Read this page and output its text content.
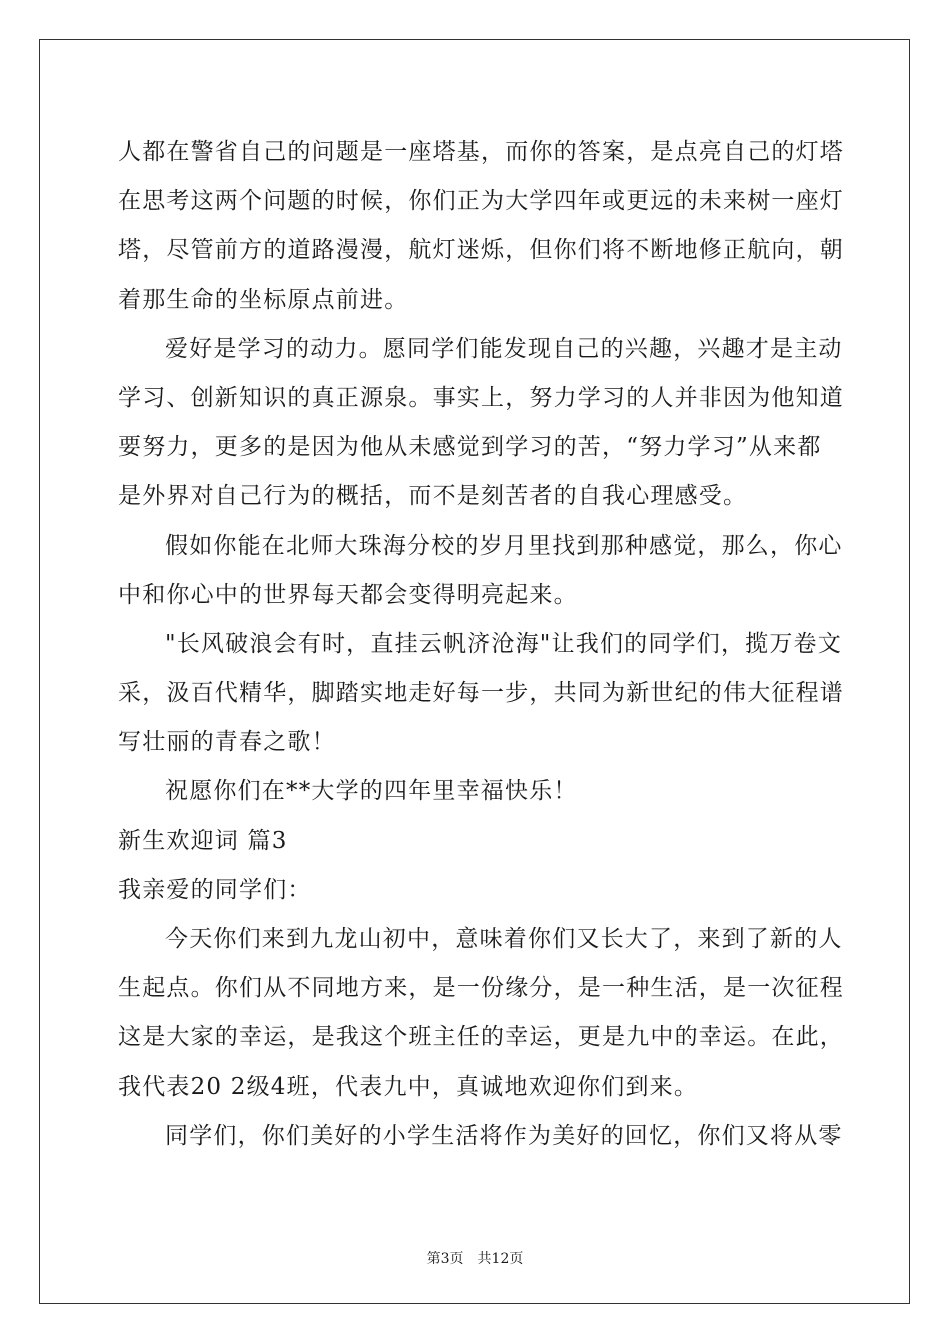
人都在警省自己的问题是一座塔基，而你的答案，是点亮自己的灯塔
在思考这两个问题的时候，你们正为大学四年或更远的未来树一座灯
塔，尽管前方的道路漫漫，航灯迷烁，但你们将不断地修正航向，朝
着那生命的坐标原点前进。
爱好是学习的动力。愿同学们能发现自己的兴趣，兴趣才是主动
学习、创新知识的真正源泉。事实上，努力学习的人并非因为他知道
要努力，更多的是因为他从未感觉到学习的苦，“努力学习”从来都
是外界对自己行为的概括，而不是刻苦者的自我心理感受。
假如你能在北师大珠海分校的岁月里找到那种感觉，那么，你心
中和你心中的世界每天都会变得明亮起来。
"长风破浪会有时，直挂云帆济沧海"让我们的同学们，揽万卷文
采，汲百代精华，脚踏实地走好每一步，共同为新世纪的伟大征程谱
写壮丽的青春之歌！
祝愿你们在**大学的四年里幸福快乐！
新生欢迎词 篇3
我亲爱的同学们：
今天你们来到九龙山初中，意味着你们又长大了，来到了新的人
生起点。你们从不同地方来，是一份缘分，是一种生活，是一次征程
这是大家的幸运，是我这个班主任的幸运，更是九中的幸运。在此，
我代表20 2级4班，代表九中，真诚地欢迎你们到来。
同学们，你们美好的小学生活将作为美好的回忆，你们又将从零
第3页　共12页
